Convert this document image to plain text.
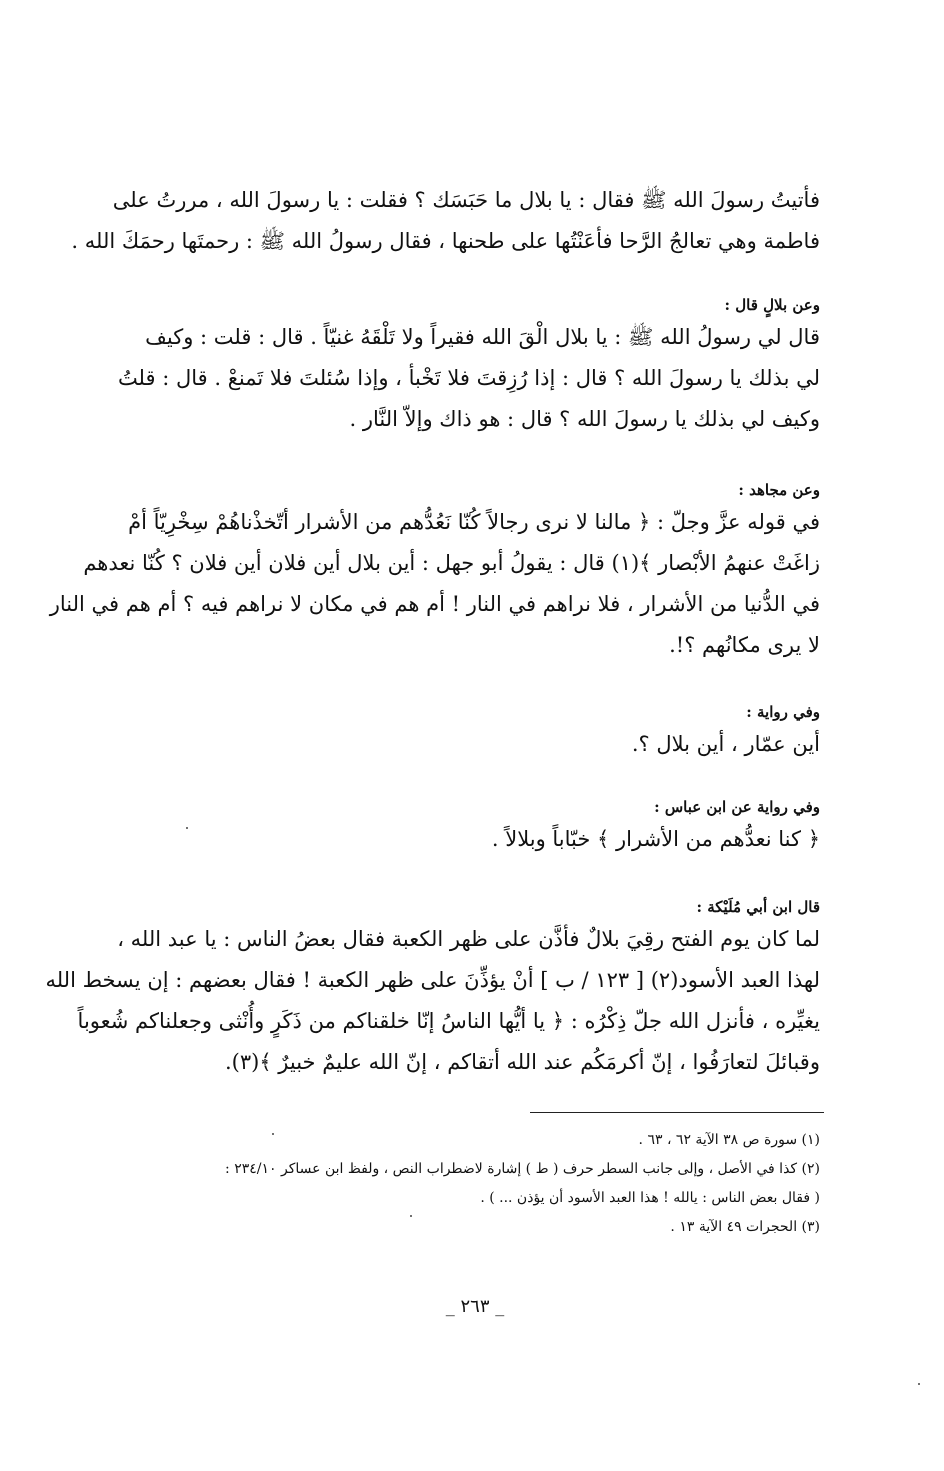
فأتيتُ رسولَ الله ﷺ فقال : يا بلال ما حَبَسَك ؟ فقلت : يا رسولَ الله ، مررتُ على
فاطمة وهي تعالجُ الرَّحا فأعَنْتُها على طحنها ، فقال رسولُ الله ﷺ : رحمتَها رحمَكَ الله .
وعن بلالٍ قال :
قال لي رسولُ الله ﷺ : يا بلال الْقَ الله فقيراً ولا تَلْقَهُ غنيّاً . قال : قلت : وكيف
لي بذلك يا رسولَ الله ؟ قال : إذا رُزِقتَ فلا تَخْبأ ، وإذا سُئلتَ فلا تَمنعْ . قال : قلتُ
وكيف لي بذلك يا رسولَ الله ؟ قال : هو ذاك وإلاّ النَّار .
وعن مجاهد :
في قوله عزَّ وجلّ : ﴿ مالنا لا نرى رجالاً كُنّا نَعُدُّهم من الأشرار أتّخذْناهُمْ سِخْرِيّاً أمْ
زاغَتْ عنهمُ الأبْصار ﴾(١) قال : يقولُ أبو جهل : أين بلال أين فلان أين فلان ؟ كُنّا نعدهم
في الدُّنيا من الأشرار ، فلا نراهم في النار ! أم هم في مكان لا نراهم فيه ؟ أم هم في النار
لا يرى مكانُهم ؟!.
وفي رواية :
أين عمّار ، أين بلال ؟.
وفي رواية عن ابن عباس :
﴿ كنا نعدُّهم من الأشرار ﴾ خبّاباً وبلالاً .
قال ابن أبي مُلَيْكة :
لما كان يوم الفتح رقِيَ بلالٌ فأذَّن على ظهر الكعبة فقال بعضُ الناس : يا عبد الله ،
لهذا العبد الأسود(٢) [ ١٢٣ / ب ] أنْ يؤذِّنَ على ظهر الكعبة ! فقال بعضهم : إن يسخط الله
يغيِّره ، فأنزل الله جلّ ذِكْرُه : ﴿ يا أيُّها الناسُ إنّا خلقناكم من ذَكَرٍ وأُنْثى وجعلناكم شُعوباً
وقبائلَ لتعارَفُوا ، إنّ أكرمَكُم عند الله أتقاكم ، إنّ الله عليمٌ خبيرٌ ﴾(٣).
(١) سورة ص ٣٨ الآية ٦٢ ، ٦٣ .
(٢) كذا في الأصل ، وإلى جانب السطر حرف ( ط ) إشارة لاضطراب النص ، ولفظ ابن عساكر ٢٣٤/١٠ :
( فقال بعض الناس : يالله ! هذا العبد الأسود أن يؤذن ... ) .
(٣) الحجرات ٤٩ الآية ١٣ .
_ ٢٦٣ _
